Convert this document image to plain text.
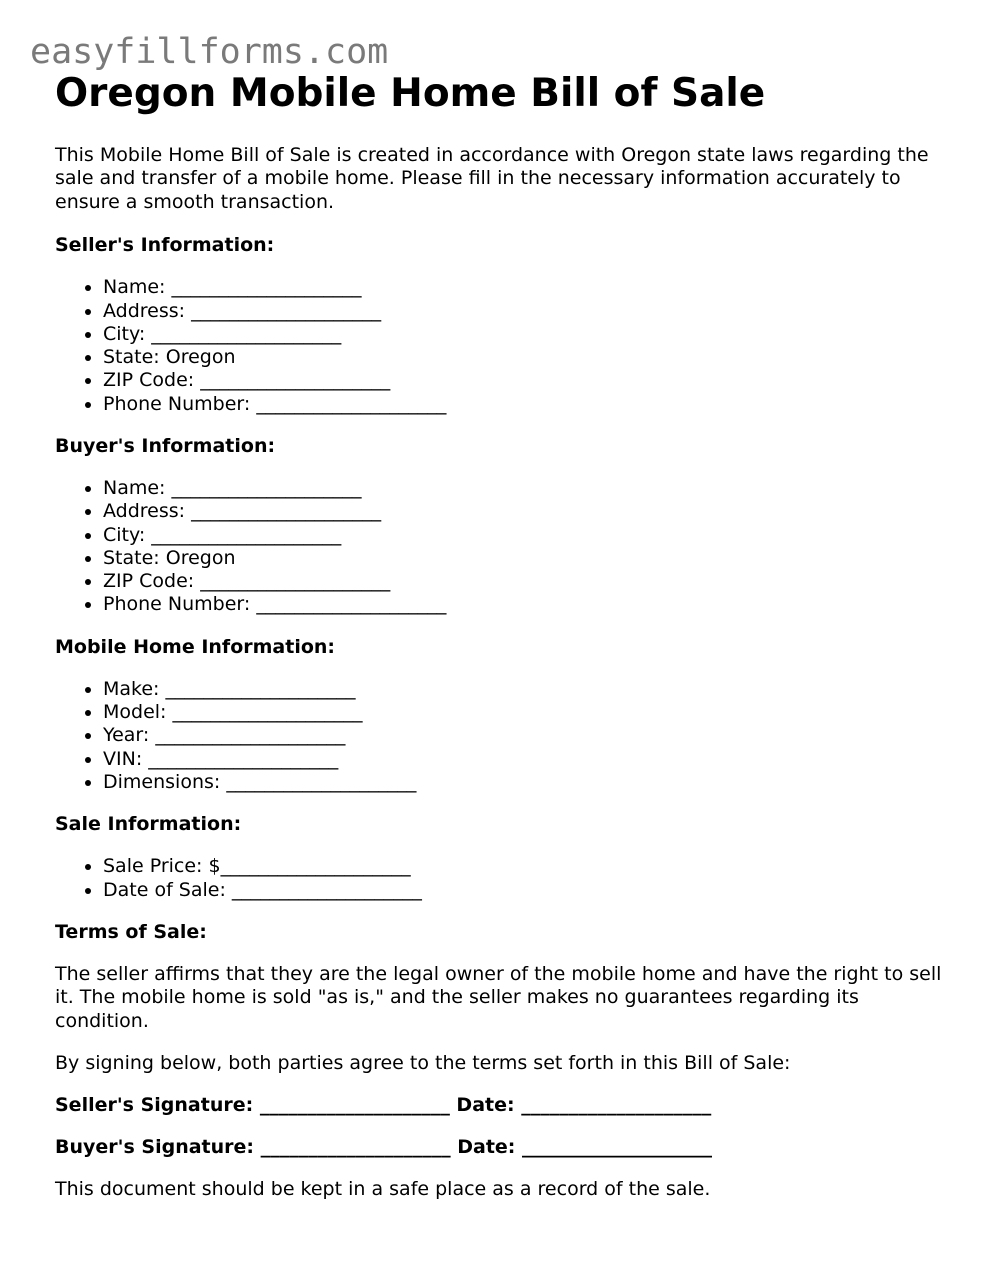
easyfillforms.com
Oregon Mobile Home Bill of Sale

This Mobile Home Bill of Sale is created in accordance with Oregon state laws regarding the sale and transfer of a mobile home. Please fill in the necessary information accurately to ensure a smooth transaction.

Seller's Information:
• Name: ____________________
• Address: ____________________
• City: ____________________
• State: Oregon
• ZIP Code: ____________________
• Phone Number: ____________________
Buyer's Information:
• Name: ____________________
• Address: ____________________
• City: ____________________
• State: Oregon
• ZIP Code: ____________________
• Phone Number: ____________________
Mobile Home Information:
• Make: ____________________
• Model: ____________________
• Year: ____________________
• VIN: ____________________
• Dimensions: ____________________
Sale Information:
• Sale Price: $____________________
• Date of Sale: ____________________
Terms of Sale:

The seller affirms that they are the legal owner of the mobile home and have the right to sell it. The mobile home is sold "as is," and the seller makes no guarantees regarding its condition.

By signing below, both parties agree to the terms set forth in this Bill of Sale:

Seller's Signature: ____________________ Date: ____________________
Buyer's Signature: ____________________ Date: ____________________

This document should be kept in a safe place as a record of the sale.
